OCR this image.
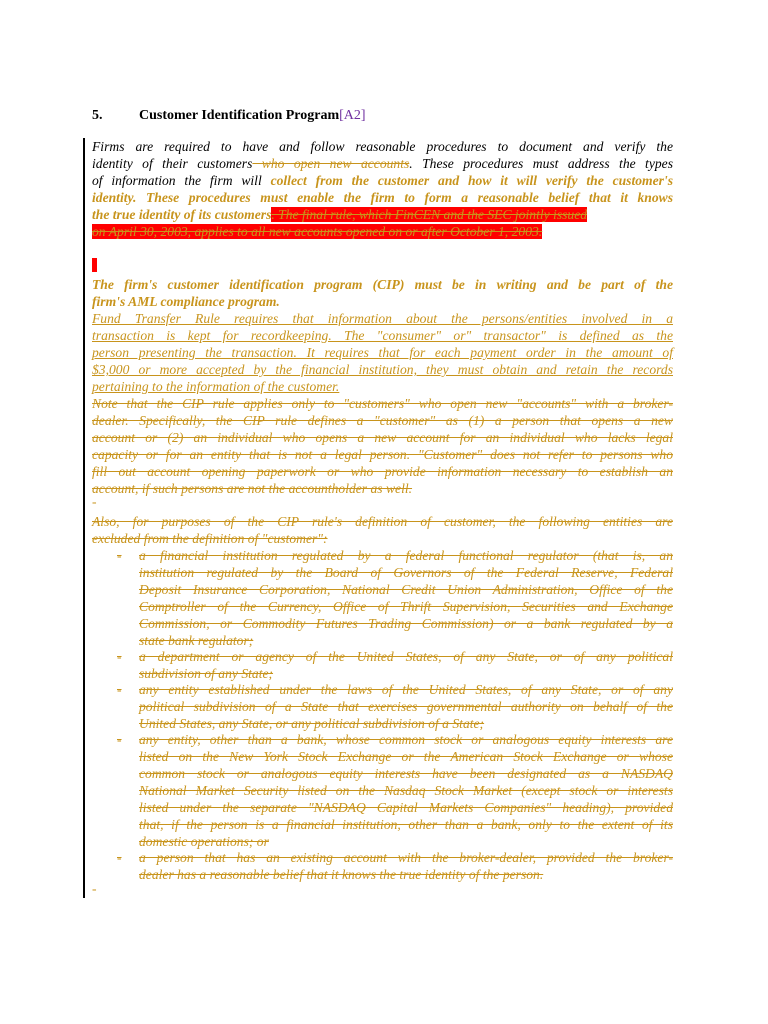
5.	Customer Identification Program[A2]
Firms are required to have and follow reasonable procedures to document and verify the
identity of their customers who open new accounts. These procedures must address the types
of information the firm will collect from the customer and how it will verify the customer's
identity. These procedures must enable the firm to form a reasonable belief that it knows
the true identity of its customers. The final rule, which FinCEN and the SEC jointly issued
on April 30, 2003, applies to all new accounts opened on or after October 1, 2003.
The firm's customer identification program (CIP) must be in writing and be part of the
firm's AML compliance program.
Fund Transfer Rule requires that information about the persons/entities involved in a
transaction is kept for recordkeeping. The "consumer" or" transactor" is defined as the
person presenting the transaction. It requires that for each payment order in the amount of
$3,000 or more accepted by the financial institution, they must obtain and retain the records
pertaining to the information of the customer.
Note that the CIP rule applies only to "customers" who open new "accounts" with a broker-
dealer. Specifically, the CIP rule defines a "customer" as (1) a person that opens a new
account or (2) an individual who opens a new account for an individual who lacks legal
capacity or for an entity that is not a legal person. "Customer" does not refer to persons who
fill out account opening paperwork or who provide information necessary to establish an
account, if such persons are not the accountholder as well.
-
Also, for purposes of the CIP rule's definition of customer, the following entities are
excluded from the definition of "customer":
- a financial institution regulated by a federal functional regulator (that is, an
institution regulated by the Board of Governors of the Federal Reserve, Federal
Deposit Insurance Corporation, National Credit Union Administration, Office of the
Comptroller of the Currency, Office of Thrift Supervision, Securities and Exchange
Commission, or Commodity Futures Trading Commission) or a bank regulated by a
state bank regulator;
- a department or agency of the United States, of any State, or of any political
subdivision of any State;
- any entity established under the laws of the United States, of any State, or of any
political subdivision of a State that exercises governmental authority on behalf of the
United States, any State, or any political subdivision of a State;
- any entity, other than a bank, whose common stock or analogous equity interests are
listed on the New York Stock Exchange or the American Stock Exchange or whose
common stock or analogous equity interests have been designated as a NASDAQ
National Market Security listed on the Nasdaq Stock Market (except stock or interests
listed under the separate "NASDAQ Capital Markets Companies" heading), provided
that, if the person is a financial institution, other than a bank, only to the extent of its
domestic operations; or
- a person that has an existing account with the broker-dealer, provided the broker-
dealer has a reasonable belief that it knows the true identity of the person.
-
